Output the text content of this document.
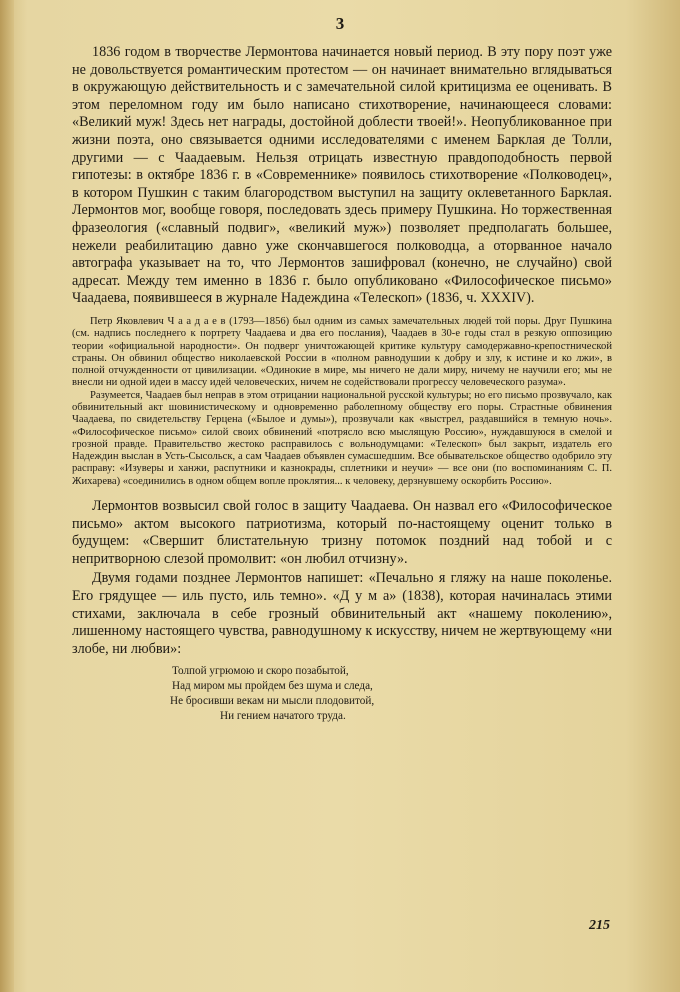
3

1836 годом в творчестве Лермонтова начинается новый период. В эту пору поэт уже не довольствуется романтическим протестом — он начинает внимательно вглядываться в окружающую действительность и с замечательной силой критицизма ее оценивать. В этом переломном году им было написано стихотворение, начинающееся словами: «Великий муж! Здесь нет награды, достойной доблести твоей!». Неопубликованное при жизни поэта, оно связывается одними исследователями с именем Барклая де Толли, другими — с Чаадаевым. Нельзя отрицать известную правдоподобность первой гипотезы: в октябре 1836 г. в «Современнике» появилось стихотворение «Полководец», в котором Пушкин с таким благородством выступил на защиту оклеветанного Барклая. Лермонтов мог, вообще говоря, последовать здесь примеру Пушкина. Но торжественная фразеология («славный подвиг», «великий муж») позволяет предполагать большее, нежели реабилитацию давно уже скончавшегося полководца, а оторванное начало автографа указывает на то, что Лермонтов зашифровал (конечно, не случайно) свой адресат. Между тем именно в 1836 г. было опубликовано «Философическое письмо» Чаадаева, появившееся в журнале Надеждина «Телескоп» (1836, ч. XXXIV).

Петр Яковлевич Ч а а д а е в (1793—1856) был одним из самых замечательных людей той поры. Друг Пушкина (см. надпись последнего к портрету Чаадаева и два его послания), Чаадаев в 30-е годы стал в резкую оппозицию теории «официальной народности». Он подверг уничтожающей критике культуру самодержавно-крепостнической страны. Он обвинил общество николаевской России в «полном равнодушии к добру и злу, к истине и ко лжи», в полной отчужденности от цивилизации. «Одинокие в мире, мы ничего не дали миру, ничему не научили его; мы не внесли ни одной идеи в массу идей человеческих, ничем не содействовали прогрессу человеческого разума».

Разумеется, Чаадаев был неправ в этом отрицании национальной русской культуры; но его письмо прозвучало, как обвинительный акт шовинистическому и одновременно раболепному обществу его поры. Страстные обвинения Чаадаева, по свидетельству Герцена («Былое и думы»), прозвучали как «выстрел, раздавшийся в темную ночь». «Философическое письмо» силой своих обвинений «потрясло всю мыслящую Россию», нуждавшуюся в смелой и грозной правде. Правительство жестоко расправилось с вольнодумцами: «Телескоп» был закрыт, издатель его Надеждин выслан в Усть-Сысольск, а сам Чаадаев объявлен сумасшедшим. Все обывательское общество одобрило эту расправу: «Изуверы и ханжи, распутники и казнокрады, сплетники и неучи» — все они (по воспоминаниям С. П. Жихарева) «соединились в одном общем вопле проклятия... к человеку, дерзнувшему оскорбить Россию».

Лермонтов возвысил свой голос в защиту Чаадаева. Он назвал его «Философическое письмо» актом высокого патриотизма, который по-настоящему оценит только в будущем: «Свершит блистательную тризну потомок поздний над тобой и с непритворною слезой промолвит: «он любил отчизну».

Двумя годами позднее Лермонтов напишет: «Печально я гляжу на наше поколенье. Его грядущее — иль пусто, иль темно». «Д у м а» (1838), которая начиналась этими стихами, заключала в себе грозный обвинительный акт «нашему поколению», лишенному настоящего чувства, равнодушному к искусству, ничем не жертвующему «ни злобе, ни любви»:

Толпой угрюмою и скоро позабытой,
Над миром мы пройдем без шума и следа,
Не бросивши векам ни мысли плодовитой,
Ни гением начатого труда.
215
